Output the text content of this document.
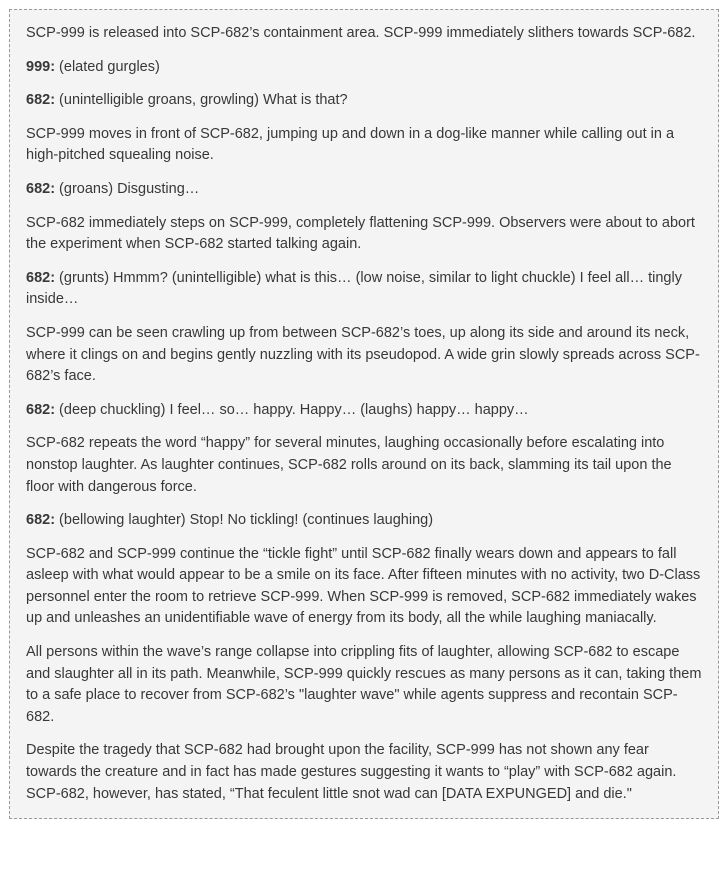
SCP-999 is released into SCP-682’s containment area. SCP-999 immediately slithers towards SCP-682.

999: (elated gurgles)

682: (unintelligible groans, growling) What is that?

SCP-999 moves in front of SCP-682, jumping up and down in a dog-like manner while calling out in a high-pitched squealing noise.

682: (groans) Disgusting…

SCP-682 immediately steps on SCP-999, completely flattening SCP-999. Observers were about to abort the experiment when SCP-682 started talking again.

682: (grunts) Hmmm? (unintelligible) what is this… (low noise, similar to light chuckle) I feel all… tingly inside…

SCP-999 can be seen crawling up from between SCP-682’s toes, up along its side and around its neck, where it clings on and begins gently nuzzling with its pseudopod. A wide grin slowly spreads across SCP-682’s face.

682: (deep chuckling) I feel… so… happy. Happy… (laughs) happy… happy…

SCP-682 repeats the word “happy” for several minutes, laughing occasionally before escalating into nonstop laughter. As laughter continues, SCP-682 rolls around on its back, slamming its tail upon the floor with dangerous force.

682: (bellowing laughter) Stop! No tickling! (continues laughing)

SCP-682 and SCP-999 continue the “tickle fight” until SCP-682 finally wears down and appears to fall asleep with what would appear to be a smile on its face. After fifteen minutes with no activity, two D-Class personnel enter the room to retrieve SCP-999. When SCP-999 is removed, SCP-682 immediately wakes up and unleashes an unidentifiable wave of energy from its body, all the while laughing maniacally.

All persons within the wave’s range collapse into crippling fits of laughter, allowing SCP-682 to escape and slaughter all in its path. Meanwhile, SCP-999 quickly rescues as many persons as it can, taking them to a safe place to recover from SCP-682’s "laughter wave" while agents suppress and recontain SCP-682.

Despite the tragedy that SCP-682 had brought upon the facility, SCP-999 has not shown any fear towards the creature and in fact has made gestures suggesting it wants to “play” with SCP-682 again. SCP-682, however, has stated, “That feculent little snot wad can [DATA EXPUNGED] and die."
